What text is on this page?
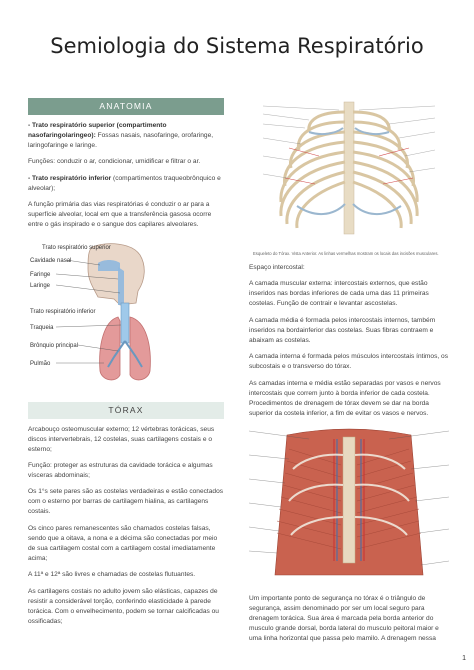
Semiologia do Sistema Respiratório
ANATOMIA

- Trato respiratório superior (compartimento nasofaringolaringeo): Fossas nasais, nasofaringe, orofaringe, laringofaringe e laringe.

Funções: conduzir o ar, condicionar, umidificar e filtrar o ar.

- Trato respiratório inferior (compartimentos traqueobrônquico e alveolar);

A função primária das vias respiratórias é conduzir o ar para a superfície alveolar, local em que a transferência gasosa ocorre entre o gás inspirado e o sangue dos capilares alveolares.

Trato respiratório superior
Cavidade nasal
Faringe
Laringe
Trato respiratório inferior
Traqueia
Brônquio principal
Pulmão
TÓRAX

Arcabouço osteomuscular externo; 12 vértebras torácicas, seus discos intervertebrais, 12 costelas, suas cartilagens costais e o esterno;

Função: proteger as estruturas da cavidade torácica e algumas vísceras abdominais;

Os 1°s sete pares são as costelas verdadeiras e estão conectados com o esterno por barras de cartilagem hialina, as cartilagens costais.

Os cinco pares remanescentes são chamados costelas falsas, sendo que a oitava, a nona e a décima são conectadas por meio de sua cartilagem costal com a cartilagem costal imediatamente acima;

A 11ª e 12ª são livres e chamadas de costelas flutuantes.

As cartilagens costais no adulto jovem são elásticas, capazes de resistir a considerável torção, conferindo elasticidade à parede torácica. Com o envelhecimento, podem se tornar calcificadas ou ossificadas;

Esqueleto do Tórax. Vista Anterior. As linhas vermelhas mostram os locais das incisões musculares.

Espaço intercostal:

A camada muscular externa: intercostais externos, que estão inseridos nas bordas inferiores de cada uma das 11 primeiras costelas. Função de contrair e levantar ascostelas.

A camada média é formada pelos intercostais internos, também inseridos na bordainferior das costelas. Suas fibras contraem e abaixam as costelas.

A camada interna é formada pelos músculos intercostais íntimos, os subcostais e o transverso do tórax.

As camadas interna e média estão separadas por vasos e nervos intercostais que correm junto à borda inferior de cada costela. Procedimentos de drenagem de tórax devem se dar na borda superior da costela inferior, a fim de evitar os vasos e nervos.

Um importante ponto de segurança no tórax é o triângulo de segurança, assim denominado por ser um local seguro para drenagem torácica. Sua área é marcada pela borda anterior do musculo grande dorsal, borda lateral do musculo peitoral maior e uma linha horizontal que passa pelo mamilo. A drenagem nessa

1
